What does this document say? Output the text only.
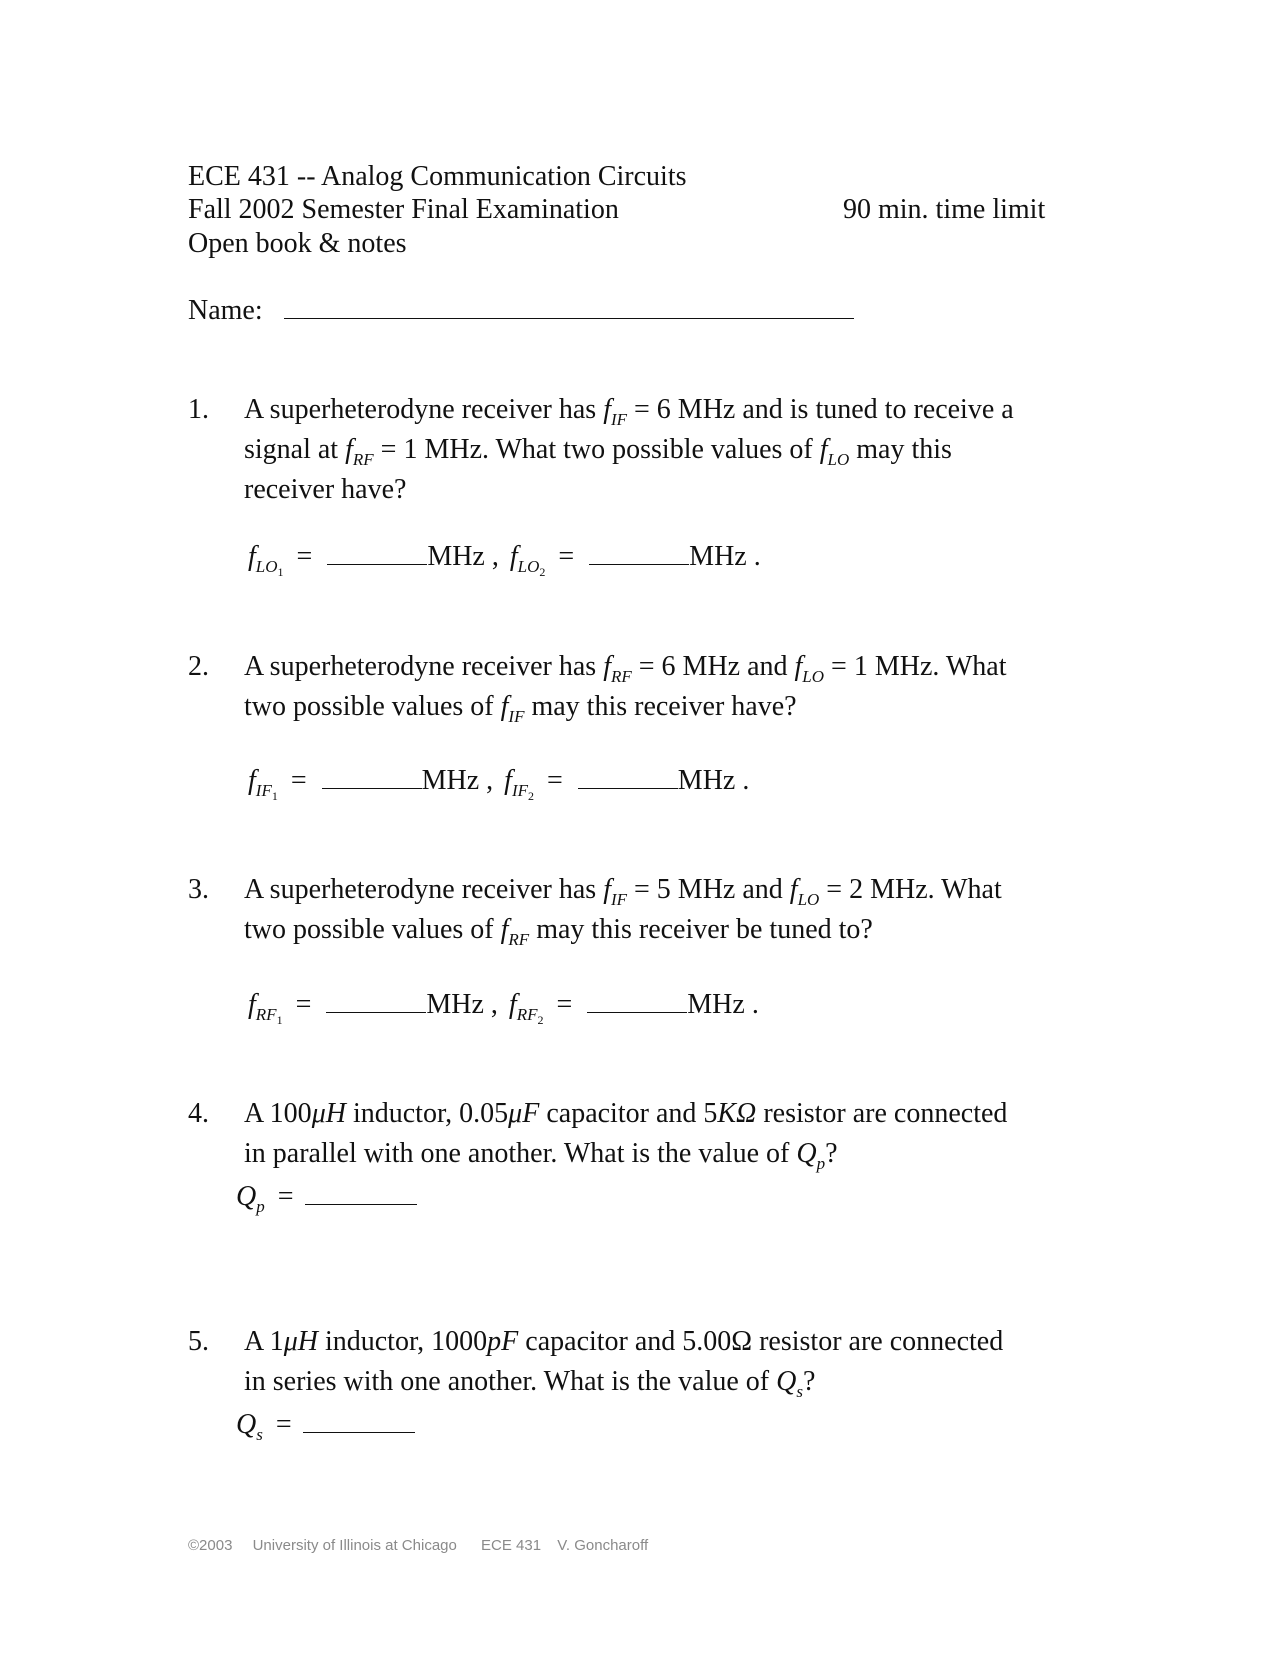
ECE 431 -- Analog Communication Circuits
Fall 2002 Semester Final Examination	90 min. time limit
Open book & notes
Name:
1. A superheterodyne receiver has $f_{IF} = 6$ MHz and is tuned to receive a
signal at $f_{RF} = 1$ MHz. What two possible values of $f_{LO}$ may this
receiver have?
$f_{LO_1}$ =	MHz , $f_{LO_2}$ =	MHz .
2. A superheterodyne receiver has $f_{RF} = 6$ MHz and $f_{LO} = 1$ MHz. What
two possible values of $f_{IF}$ may this receiver have?
$f_{IF_1}$ =	MHz , $f_{IF_2}$ =	MHz .
3. A superheterodyne receiver has $f_{IF} = 5$ MHz and $f_{LO} = 2$ MHz. What
two possible values of $f_{RF}$ may this receiver be tuned to?
$f_{RF_1}$ =	MHz , $f_{RF_2}$ =	MHz .
4. A 100μH inductor, 0.05μF capacitor and 5KΩ resistor are connected
in parallel with one another. What is the value of $Q_p$?
$Q_p$ =
5. A 1μH inductor, 1000pF capacitor and 5.00Ω resistor are connected
in series with one another. What is the value of $Q_s$?
$Q_s$ =
©2003 University of Illinois at Chicago ECE 431 V. Goncharoff
